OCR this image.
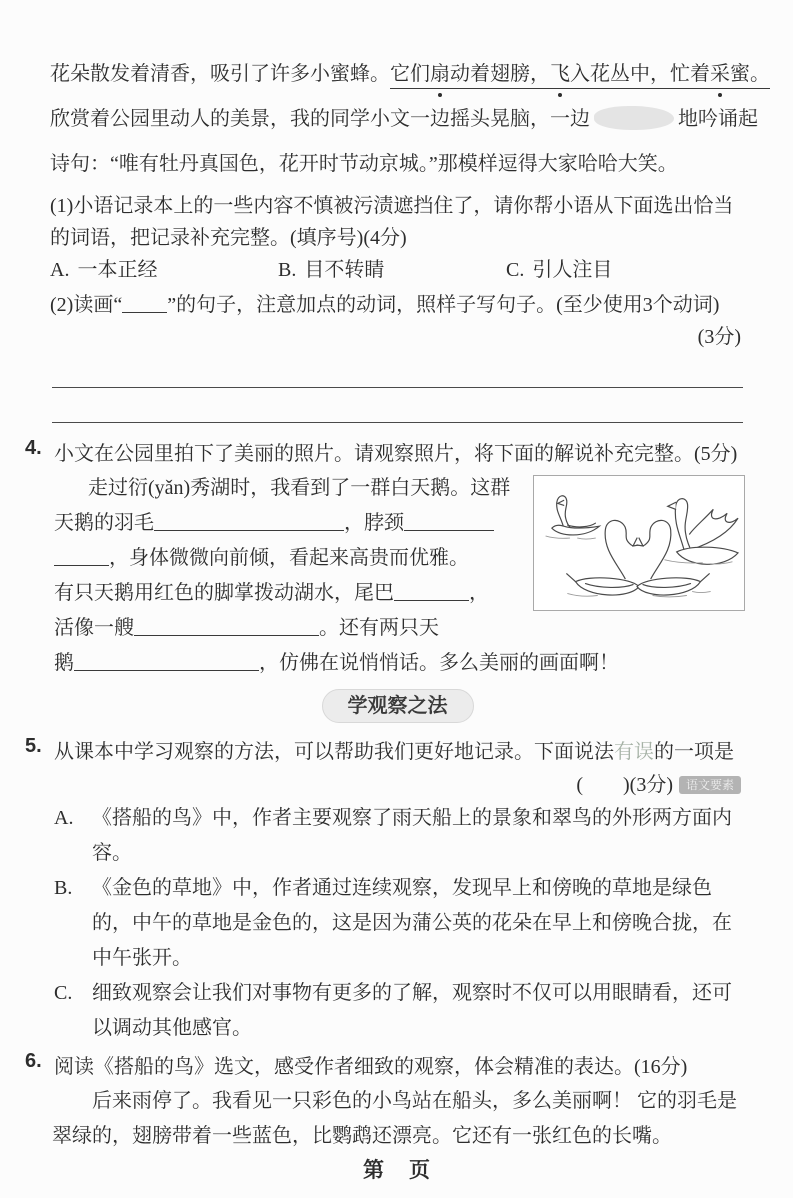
花朵散发着清香，吸引了许多小蜜蜂。它们扇动着翅膀，飞入花丛中，忙着采蜜。
欣赏着公园里动人的美景，我的同学小文一边摇头晃脑，一边	地吟诵起
诗句：“唯有牡丹真国色，花开时节动京城。”那模样逗得大家哈哈大笑。

(1)小语记录本上的一些内容不慎被污渍遮挡住了，请你帮小语从下面选出恰当的词语，把记录补充完整。(填序号)(4分)

A. 一本正经	B. 目不转睛	C. 引人注目
(2)读画“ ”的句子，注意加点的动词，照样子写句子。(至少使用3个动词)
(3分)
4. 小文在公园里拍下了美丽的照片。请观察照片，将下面的解说补充完整。(5分)
走过衍(yǎn)秀湖时，我看到了一群白天鹅。这群
天鹅的羽毛	，脖颈
，身体微微向前倾，看起来高贵而优雅。
有只天鹅用红色的脚掌拨动湖水，尾巴	，
活像一艘	。还有两只天
鹅	，仿佛在说悄悄话。多么美丽的画面啊！
学观察之法
5. 从课本中学习观察的方法，可以帮助我们更好地记录。下面说法有误的一项是
(        )(3分) 语文要素
A. 《搭船的鸟》中，作者主要观察了雨天船上的景象和翠鸟的外形两方面内容。
B. 《金色的草地》中，作者通过连续观察，发现早上和傍晚的草地是绿色的，中午的草地是金色的，这是因为蒲公英的花朵在早上和傍晚合拢，在中午张开。
C. 细致观察会让我们对事物有更多的了解，观察时不仅可以用眼睛看，还可以调动其他感官。
6. 阅读《搭船的鸟》选文，感受作者细致的观察，体会精准的表达。(16分)

后来雨停了。我看见一只彩色的小鸟站在船头，多么美丽啊！ 它的羽毛是翠绿的，翅膀带着一些蓝色，比鹦鹉还漂亮。它还有一张红色的长嘴。

第　页
